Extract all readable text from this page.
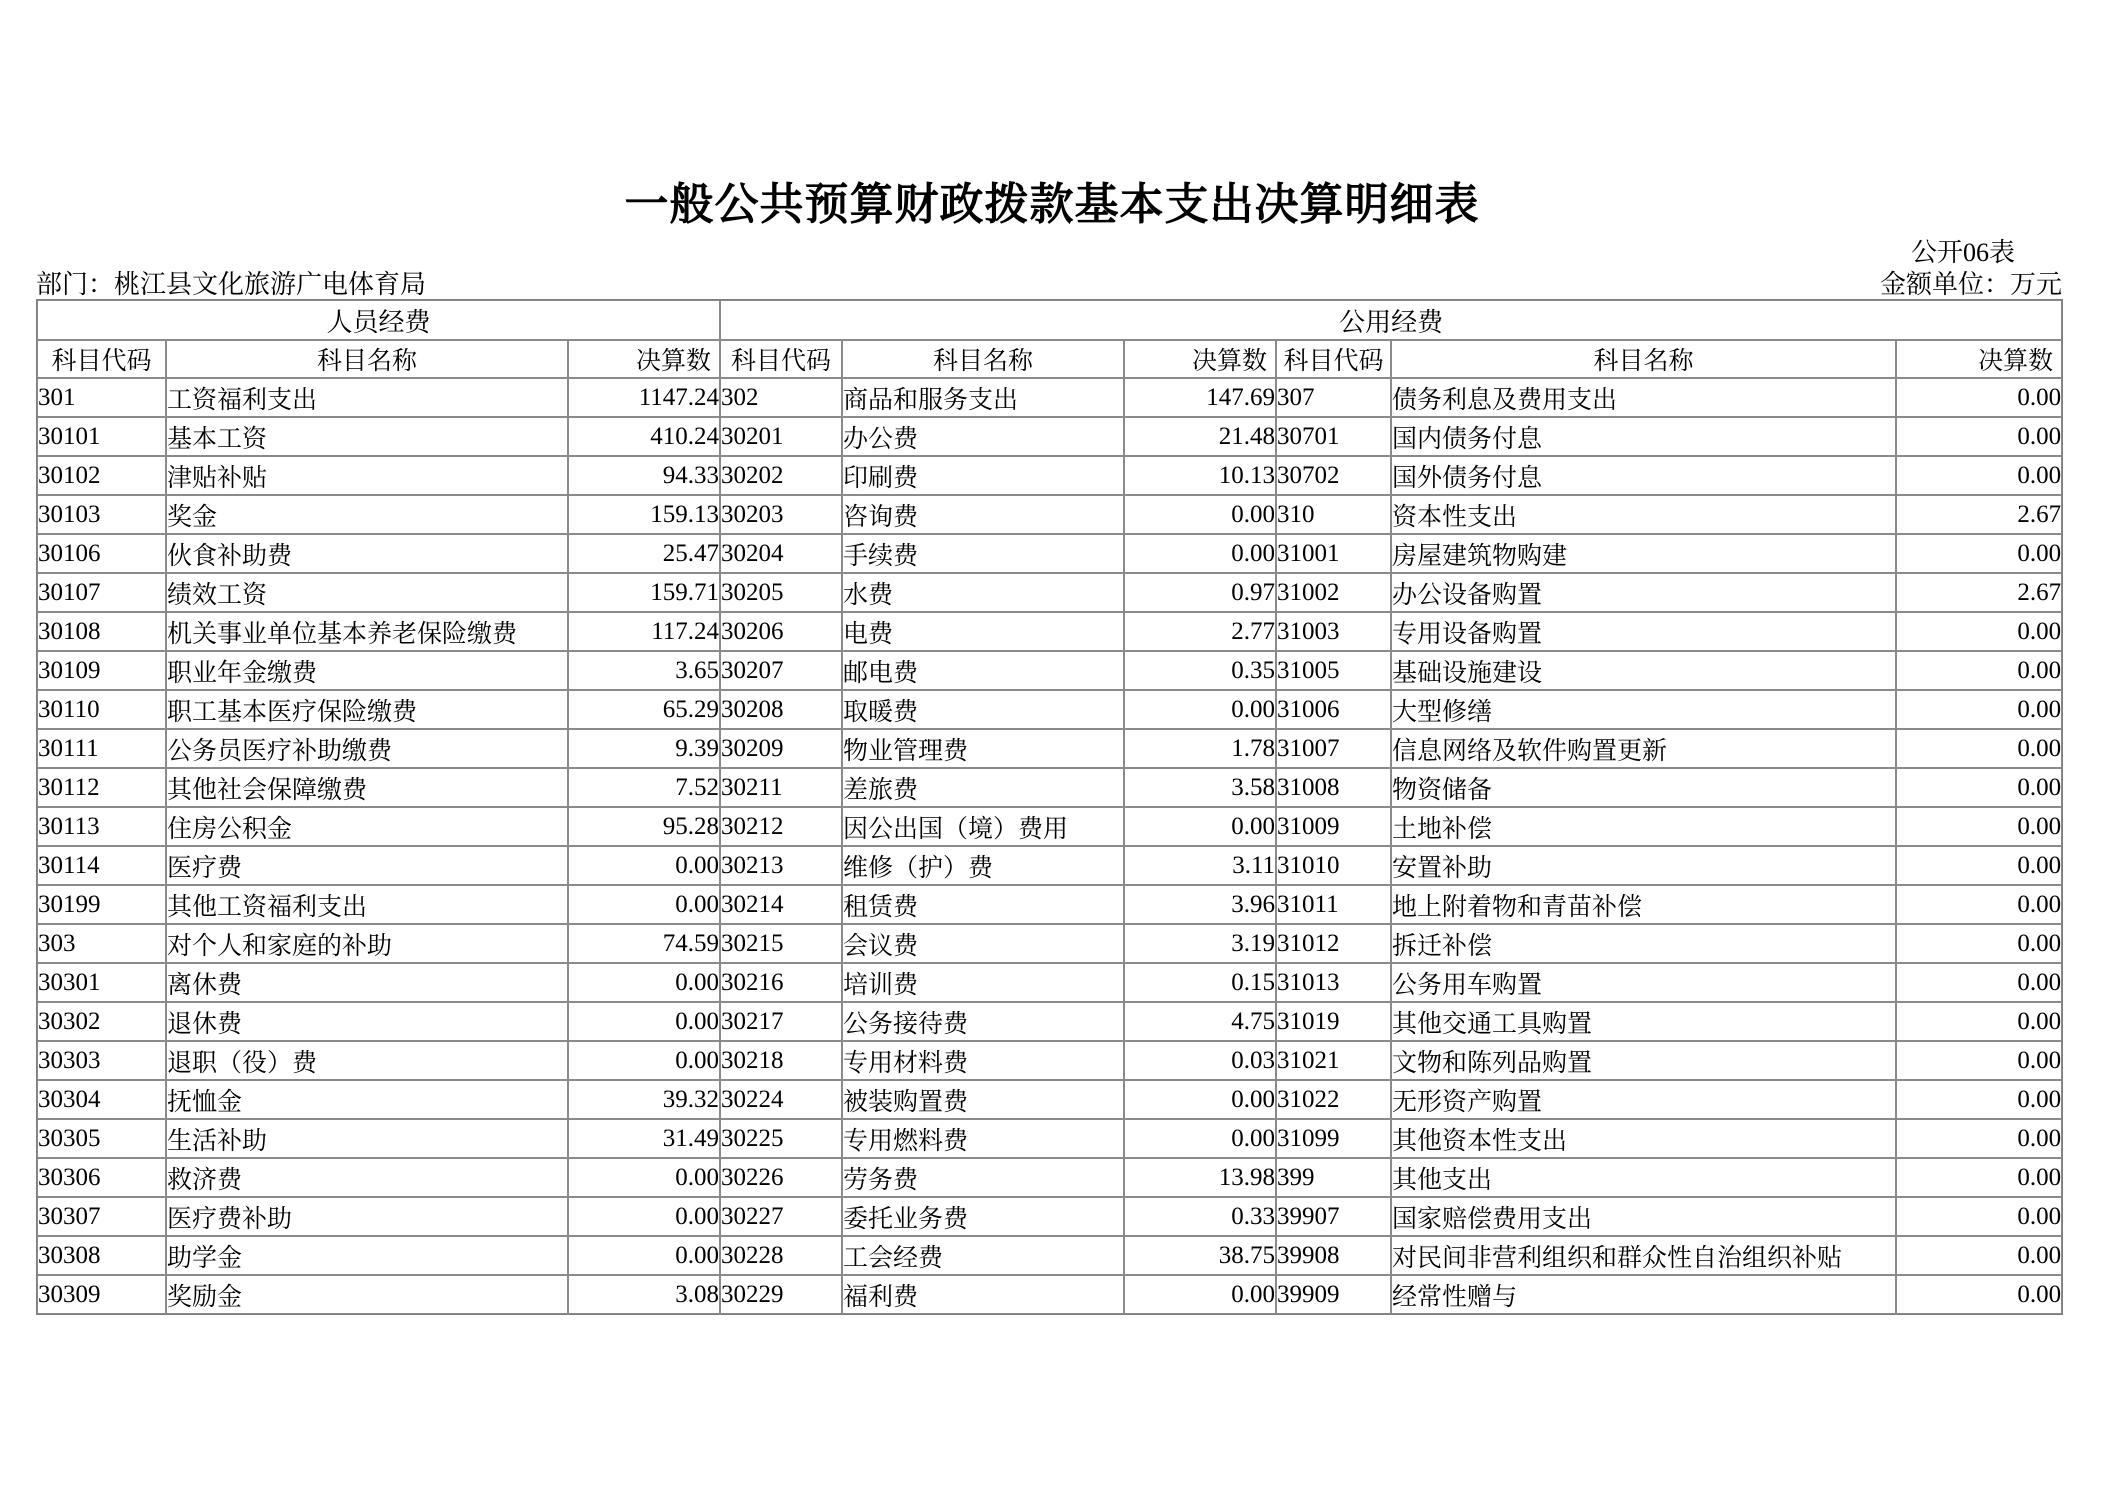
一般公共预算财政拨款基本支出决算明细表
公开06表
部门：桃江县文化旅游广电体育局	金额单位：万元
人员经费			公用经费					
科目代码	科目名称	决算数	科目代码	科目名称	决算数	科目代码	科目名称	决算数
301	工资福利支出	1147.24	302	商品和服务支出	147.69	307	债务利息及费用支出	0.00
30101	基本工资	410.24	30201	办公费	21.48	30701	国内债务付息	0.00
30102	津贴补贴	94.33	30202	印刷费	10.13	30702	国外债务付息	0.00
30103	奖金	159.13	30203	咨询费	0.00	310	资本性支出	2.67
30106	伙食补助费	25.47	30204	手续费	0.00	31001	房屋建筑物购建	0.00
30107	绩效工资	159.71	30205	水费	0.97	31002	办公设备购置	2.67
30108	机关事业单位基本养老保险缴费	117.24	30206	电费	2.77	31003	专用设备购置	0.00
30109	职业年金缴费	3.65	30207	邮电费	0.35	31005	基础设施建设	0.00
30110	职工基本医疗保险缴费	65.29	30208	取暖费	0.00	31006	大型修缮	0.00
30111	公务员医疗补助缴费	9.39	30209	物业管理费	1.78	31007	信息网络及软件购置更新	0.00
30112	其他社会保障缴费	7.52	30211	差旅费	3.58	31008	物资储备	0.00
30113	住房公积金	95.28	30212	因公出国（境）费用	0.00	31009	土地补偿	0.00
30114	医疗费	0.00	30213	维修（护）费	3.11	31010	安置补助	0.00
30199	其他工资福利支出	0.00	30214	租赁费	3.96	31011	地上附着物和青苗补偿	0.00
303	对个人和家庭的补助	74.59	30215	会议费	3.19	31012	拆迁补偿	0.00
30301	离休费	0.00	30216	培训费	0.15	31013	公务用车购置	0.00
30302	退休费	0.00	30217	公务接待费	4.75	31019	其他交通工具购置	0.00
30303	退职（役）费	0.00	30218	专用材料费	0.03	31021	文物和陈列品购置	0.00
30304	抚恤金	39.32	30224	被装购置费	0.00	31022	无形资产购置	0.00
30305	生活补助	31.49	30225	专用燃料费	0.00	31099	其他资本性支出	0.00
30306	救济费	0.00	30226	劳务费	13.98	399	其他支出	0.00
30307	医疗费补助	0.00	30227	委托业务费	0.33	39907	国家赔偿费用支出	0.00
30308	助学金	0.00	30228	工会经费	38.75	39908	对民间非营利组织和群众性自治组织补贴	0.00
30309	奖励金	3.08	30229	福利费	0.00	39909	经常性赠与	0.00
